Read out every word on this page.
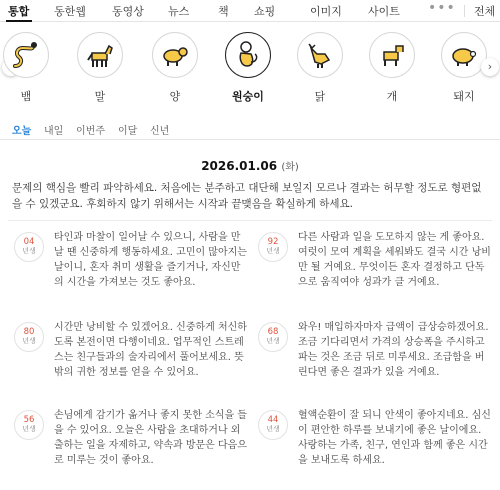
통합 동한웹 동영상 뉴스	책 쇼핑	이미지 사이트 ••• 전체
뱀	말	양	원숭이	닭	개	돼지
›
오늘 내일 이번주 이달 신년
2026.01.06 (화)

문제의 핵심을 빨리 파악하세요. 처음에는 분주하고 대단해 보일지 모르나 결과는 허무할 정도로 형편없을 수 있겠군요. 후회하지 않기 위해서는 시작과 끝맺음을 확실하게 하세요.

04
년생

타인과 마찰이 일어날 수 있으니, 사람을 만날 땐 신중하게 행동하세요. 고민이 많아지는 날이니, 혼자 취미 생활을 즐기거나, 자신만의 시간을 가져보는 것도 좋아요.

92
년생

다른 사람과 일을 도모하지 않는 게 좋아요. 여럿이 모여 계획을 세워봐도 결국 시간 낭비만 될 거예요. 무엇이든 혼자 결정하고 단독으로 움직여야 성과가 클 거예요.

80
년생

시간만 낭비할 수 있겠어요. 신중하게 처신하도록 본전이면 다행이네요. 업무적인 스트레스는 친구들과의 술자리에서 풀어보세요. 뜻밖의 귀한 정보를 얻을 수 있어요.

68
년생

와우! 매입하자마자 급액이 급상승하겠어요. 조금 기다리면서 가격의 상승폭을 주시하고 파는 것은 조금 뒤로 미루세요. 조급함을 버린다면 좋은 결과가 있을 거예요.

56
년생

손님에게 감기가 옮거나 좋지 못한 소식을 들을 수 있어요. 오늘은 사람을 초대하거나 외출하는 일을 자제하고, 약속과 방문은 다음으로 미루는 것이 좋아요.

44
년생

혈액순환이 잘 되니 안색이 좋아지네요. 심신이 편안한 하루를 보내기에 좋은 날이에요. 사랑하는 가족, 친구, 연인과 함께 좋은 시간을 보내도록 하세요.
